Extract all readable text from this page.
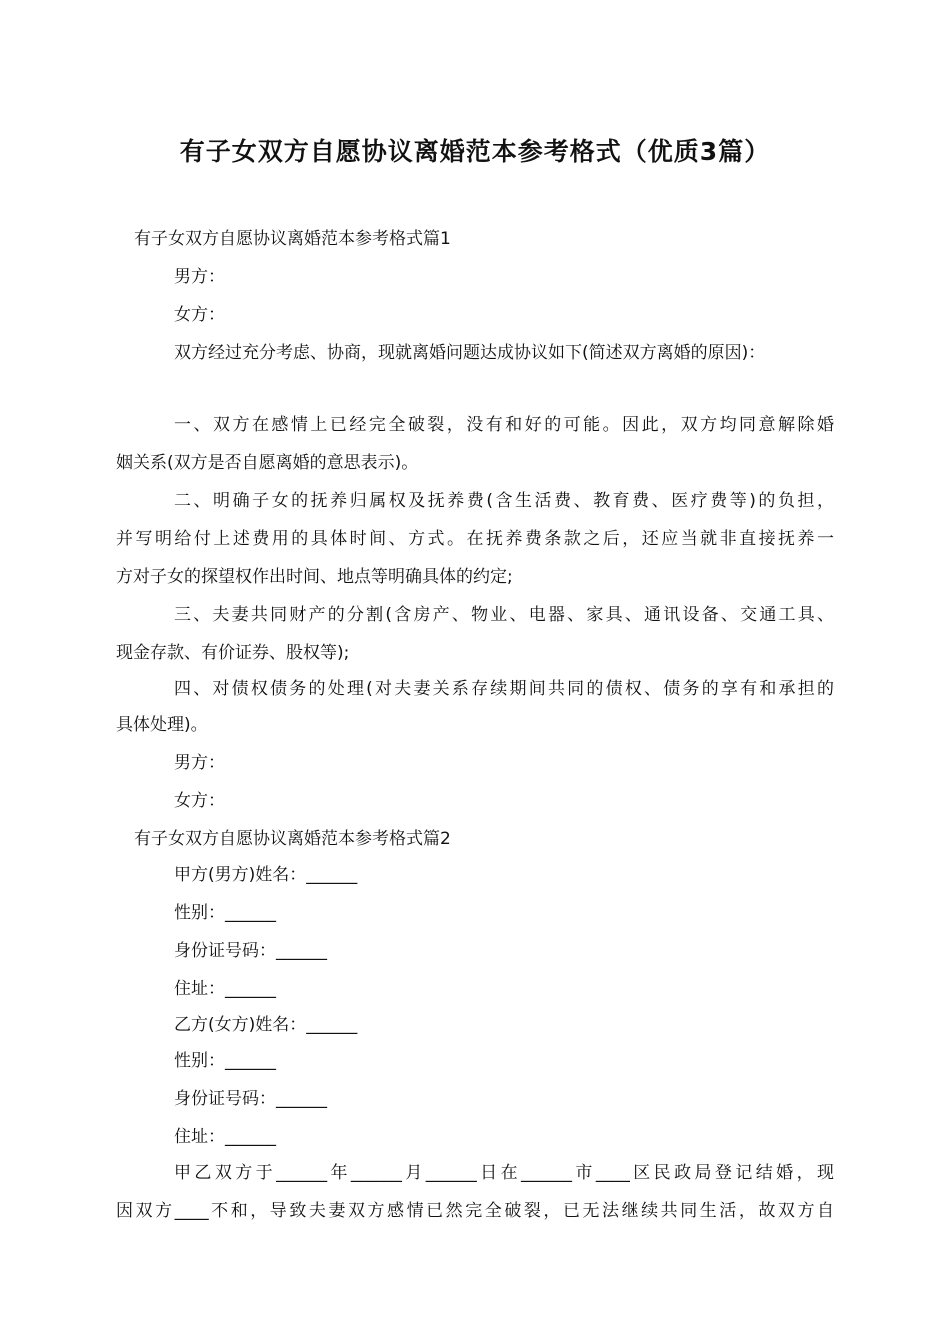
有子女双方自愿协议离婚范本参考格式（优质3篇）
有子女双方自愿协议离婚范本参考格式篇1
男方：
女方：
双方经过充分考虑、协商，现就离婚问题达成协议如下(简述双方离婚的原因)：
一、双方在感情上已经完全破裂，没有和好的可能。因此，双方均同意解除婚
姻关系(双方是否自愿离婚的意思表示)。
二、明确子女的抚养归属权及抚养费(含生活费、教育费、医疗费等)的负担，
并写明给付上述费用的具体时间、方式。在抚养费条款之后，还应当就非直接抚养一
方对子女的探望权作出时间、地点等明确具体的约定;
三、夫妻共同财产的分割(含房产、物业、电器、家具、通讯设备、交通工具、
现金存款、有价证券、股权等);
四、对债权债务的处理(对夫妻关系存续期间共同的债权、债务的享有和承担的
具体处理)。
男方：
女方：
有子女双方自愿协议离婚范本参考格式篇2
甲方(男方)姓名：______
性别：______
身份证号码：______
住址：______
乙方(女方)姓名：______
性别：______
身份证号码：______
住址：______
甲乙双方于______年______月______日在______市____区民政局登记结婚，现
因双方____不和，导致夫妻双方感情已然完全破裂，已无法继续共同生活，故双方自
